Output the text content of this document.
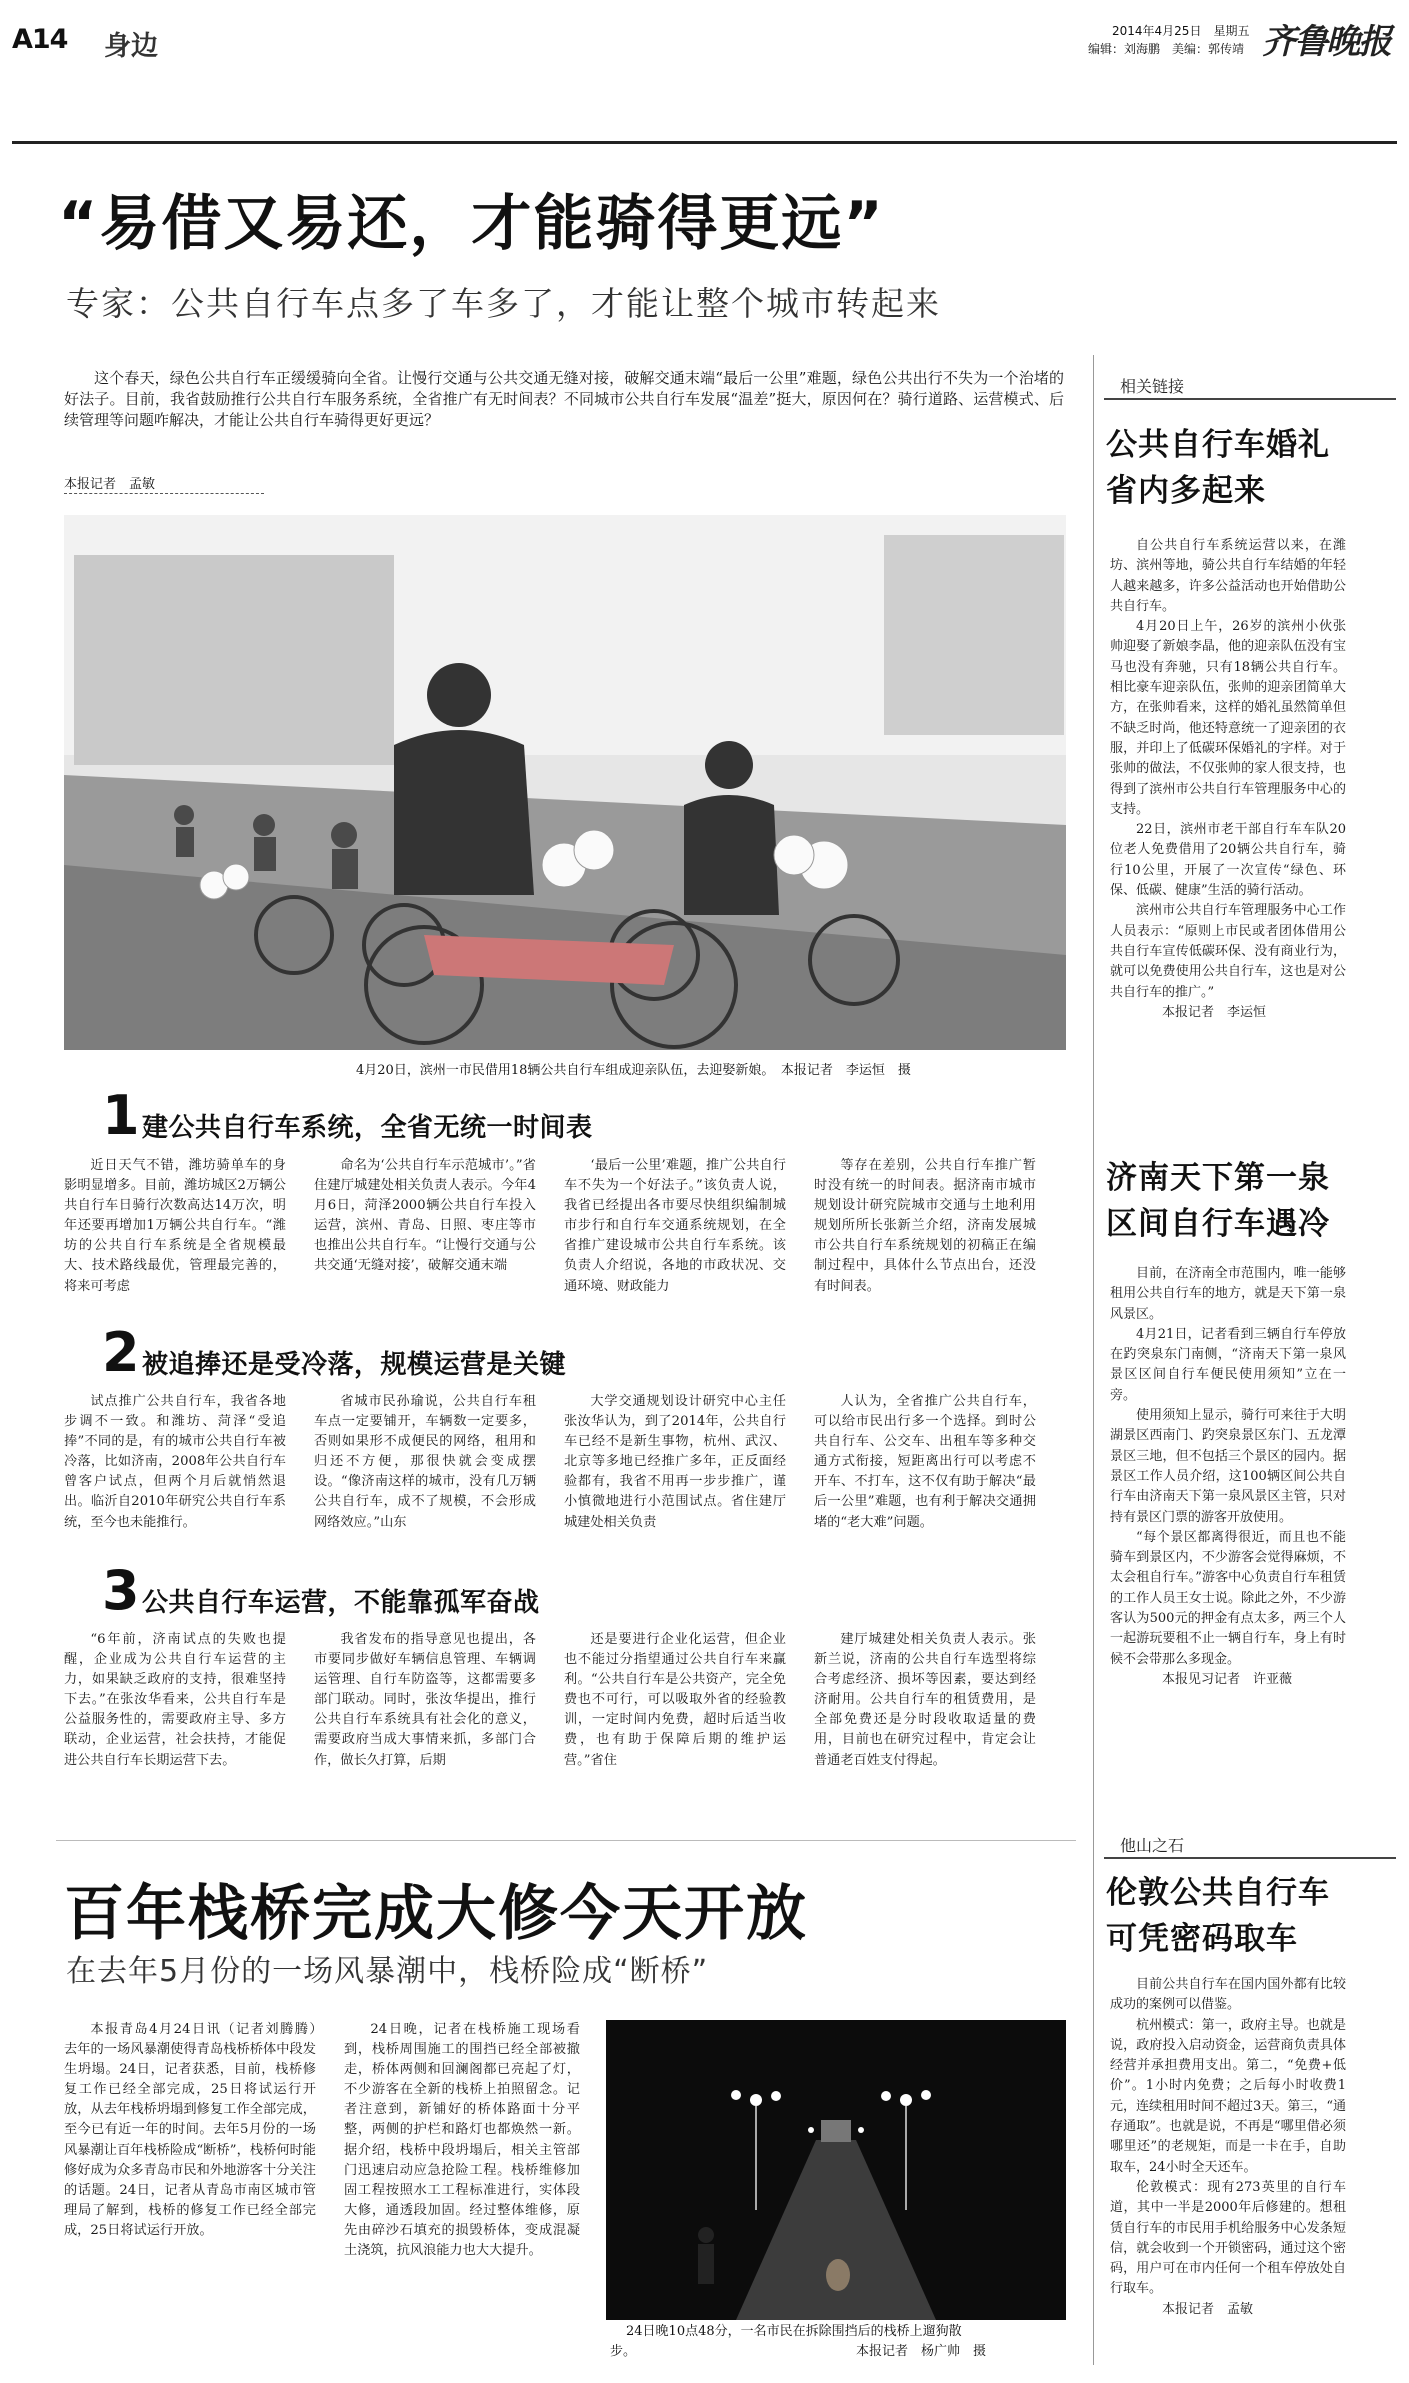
A14 身边	2014年4月25日　星期五
编辑：刘海鹏　美编：郭传靖 齐鲁晚报
“易借又易还，才能骑得更远”
专家：公共自行车点多了车多了，才能让整个城市转起来
这个春天，绿色公共自行车正缓缓骑向全省。让慢行交通与公共交通无缝对接，破解交通末端“最后一公里”难题，绿色公共出行不失为一个治堵的好法子。目前，我省鼓励推行公共自行车服务系统，全省推广有无时间表？不同城市公共自行车发展“温差”挺大，原因何在？骑行道路、运营模式、后续管理等问题咋解决，才能让公共自行车骑得更好更远？
本报记者　孟敏
4月20日，滨州一市民借用18辆公共自行车组成迎亲队伍，去迎娶新娘。　本报记者　李运恒　摄
1 建公共自行车系统，全省无统一时间表
近日天气不错，潍坊骑单车的身影明显增多。目前，潍坊城区2万辆公共自行车日骑行次数高达14万次，明年还要再增加1万辆公共自行车。“潍坊的公共自行车系统是全省规模最大、技术路线最优，管理最完善的，将来可考虑
命名为‘公共自行车示范城市’。”省住建厅城建处相关负责人表示。今年4月6日，菏泽2000辆公共自行车投入运营，滨州、青岛、日照、枣庄等市也推出公共自行车。“让慢行交通与公共交通‘无缝对接’，破解交通末端
‘最后一公里’难题，推广公共自行车不失为一个好法子。”该负责人说，我省已经提出各市要尽快组织编制城市步行和自行车交通系统规划，在全省推广建设城市公共自行车系统。该负责人介绍说，各地的市政状况、交通环境、财政能力
等存在差别，公共自行车推广暂时没有统一的时间表。据济南市城市规划设计研究院城市交通与土地利用规划所所长张新兰介绍，济南发展城市公共自行车系统规划的初稿正在编制过程中，具体什么节点出台，还没有时间表。
2 被追捧还是受冷落，规模运营是关键
试点推广公共自行车，我省各地步调不一致。和潍坊、菏泽“受追捧”不同的是，有的城市公共自行车被冷落，比如济南，2008年公共自行车曾客户试点，但两个月后就悄然退出。临沂自2010年研究公共自行车系统，至今也未能推行。
省城市民孙瑜说，公共自行车租车点一定要铺开，车辆数一定要多，否则如果形不成便民的网络，租用和归还不方便，那很快就会变成摆设。“像济南这样的城市，没有几万辆公共自行车，成不了规模，不会形成网络效应。”山东
大学交通规划设计研究中心主任张汝华认为，到了2014年，公共自行车已经不是新生事物，杭州、武汉、北京等多地已经推广多年，正反面经验都有，我省不用再一步步推广，谨小慎微地进行小范围试点。省住建厅城建处相关负责
人认为，全省推广公共自行车，可以给市民出行多一个选择。到时公共自行车、公交车、出租车等多种交通方式衔接，短距离出行可以考虑不开车、不打车，这不仅有助于解决“最后一公里”难题，也有利于解决交通拥堵的“老大难”问题。
3 公共自行车运营，不能靠孤军奋战
“6年前，济南试点的失败也提醒，企业成为公共自行车运营的主力，如果缺乏政府的支持，很难坚持下去。”在张汝华看来，公共自行车是公益服务性的，需要政府主导、多方联动，企业运营，社会扶持，才能促进公共自行车长期运营下去。
我省发布的指导意见也提出，各市要同步做好车辆信息管理、车辆调运管理、自行车防盗等，这都需要多部门联动。同时，张汝华提出，推行公共自行车系统具有社会化的意义，需要政府当成大事情来抓，多部门合作，做长久打算，后期
还是要进行企业化运营，但企业也不能过分指望通过公共自行车来赢利。“公共自行车是公共资产，完全免费也不可行，可以吸取外省的经验教训，一定时间内免费，超时后适当收费，也有助于保障后期的维护运营。”省住
建厅城建处相关负责人表示。张新兰说，济南的公共自行车选型将综合考虑经济、损坏等因素，要达到经济耐用。公共自行车的租赁费用，是全部免费还是分时段收取适量的费用，目前也在研究过程中，肯定会让普通老百姓支付得起。
相关链接
公共自行车婚礼
省内多起来

自公共自行车系统运营以来，在潍坊、滨州等地，骑公共自行车结婚的年轻人越来越多，许多公益活动也开始借助公共自行车。

4月20日上午，26岁的滨州小伙张帅迎娶了新娘李晶，他的迎亲队伍没有宝马也没有奔驰，只有18辆公共自行车。相比豪车迎亲队伍，张帅的迎亲团简单大方，在张帅看来，这样的婚礼虽然简单但不缺乏时尚，他还特意统一了迎亲团的衣服，并印上了低碳环保婚礼的字样。对于张帅的做法，不仅张帅的家人很支持，也得到了滨州市公共自行车管理服务中心的支持。

22日，滨州市老干部自行车车队20位老人免费借用了20辆公共自行车，骑行10公里，开展了一次宣传“绿色、环保、低碳、健康”生活的骑行活动。

滨州市公共自行车管理服务中心工作人员表示：“原则上市民或者团体借用公共自行车宣传低碳环保、没有商业行为，就可以免费使用公共自行车，这也是对公共自行车的推广。”

本报记者　李运恒

济南天下第一泉
区间自行车遇冷

目前，在济南全市范围内，唯一能够租用公共自行车的地方，就是天下第一泉风景区。

4月21日，记者看到三辆自行车停放在趵突泉东门南侧，“济南天下第一泉风景区区间自行车便民使用须知”立在一旁。

使用须知上显示，骑行可来往于大明湖景区西南门、趵突泉景区东门、五龙潭景区三地，但不包括三个景区的园内。据景区工作人员介绍，这100辆区间公共自行车由济南天下第一泉风景区主管，只对持有景区门票的游客开放使用。

“每个景区都离得很近，而且也不能骑车到景区内，不少游客会觉得麻烦，不太会租自行车。”游客中心负责自行车租赁的工作人员王女士说。除此之外，不少游客认为500元的押金有点太多，两三个人一起游玩要租不止一辆自行车，身上有时候不会带那么多现金。

本报见习记者　许亚薇

他山之石
伦敦公共自行车
可凭密码取车

目前公共自行车在国内国外都有比较成功的案例可以借鉴。

杭州模式：第一，政府主导。也就是说，政府投入启动资金，运营商负责具体经营并承担费用支出。第二，“免费+低价”。1小时内免费；之后每小时收费1元，连续租用时间不超过3天。第三，“通存通取”。也就是说，不再是“哪里借必须哪里还”的老规矩，而是一卡在手，自助取车，24小时全天还车。

伦敦模式：现有273英里的自行车道，其中一半是2000年后修建的。想租赁自行车的市民用手机给服务中心发条短信，就会收到一个开锁密码，通过这个密码，用户可在市内任何一个租车停放处自行取车。

本报记者　孟敏

百年栈桥完成大修今天开放
在去年5月份的一场风暴潮中，栈桥险成“断桥”
本报青岛4月24日讯（记者刘腾腾）　去年的一场风暴潮使得青岛栈桥桥体中段发生坍塌。24日，记者获悉，目前，栈桥修复工作已经全部完成，25日将试运行开放，从去年栈桥坍塌到修复工作全部完成，至今已有近一年的时间。去年5月份的一场风暴潮让百年栈桥险成“断桥”，栈桥何时能修好成为众多青岛市民和外地游客十分关注的话题。24日，记者从青岛市南区城市管理局了解到，栈桥的修复工作已经全部完成，25日将试运行开放。
24日晚，记者在栈桥施工现场看到，栈桥周围施工的围挡已经全部被撤走，桥体两侧和回澜阁都已亮起了灯，不少游客在全新的栈桥上拍照留念。记者注意到，新铺好的桥体路面十分平整，两侧的护栏和路灯也都焕然一新。据介绍，栈桥中段坍塌后，相关主管部门迅速启动应急抢险工程。栈桥维修加固工程按照水工工程标准进行，实体段大修，通透段加固。经过整体维修，原先由碎沙石填充的损毁桥体，变成混凝土浇筑，抗风浪能力也大大提升。
24日晚10点48分，一名市民在拆除围挡后的栈桥上遛狗散
步。	本报记者　杨广帅　摄
